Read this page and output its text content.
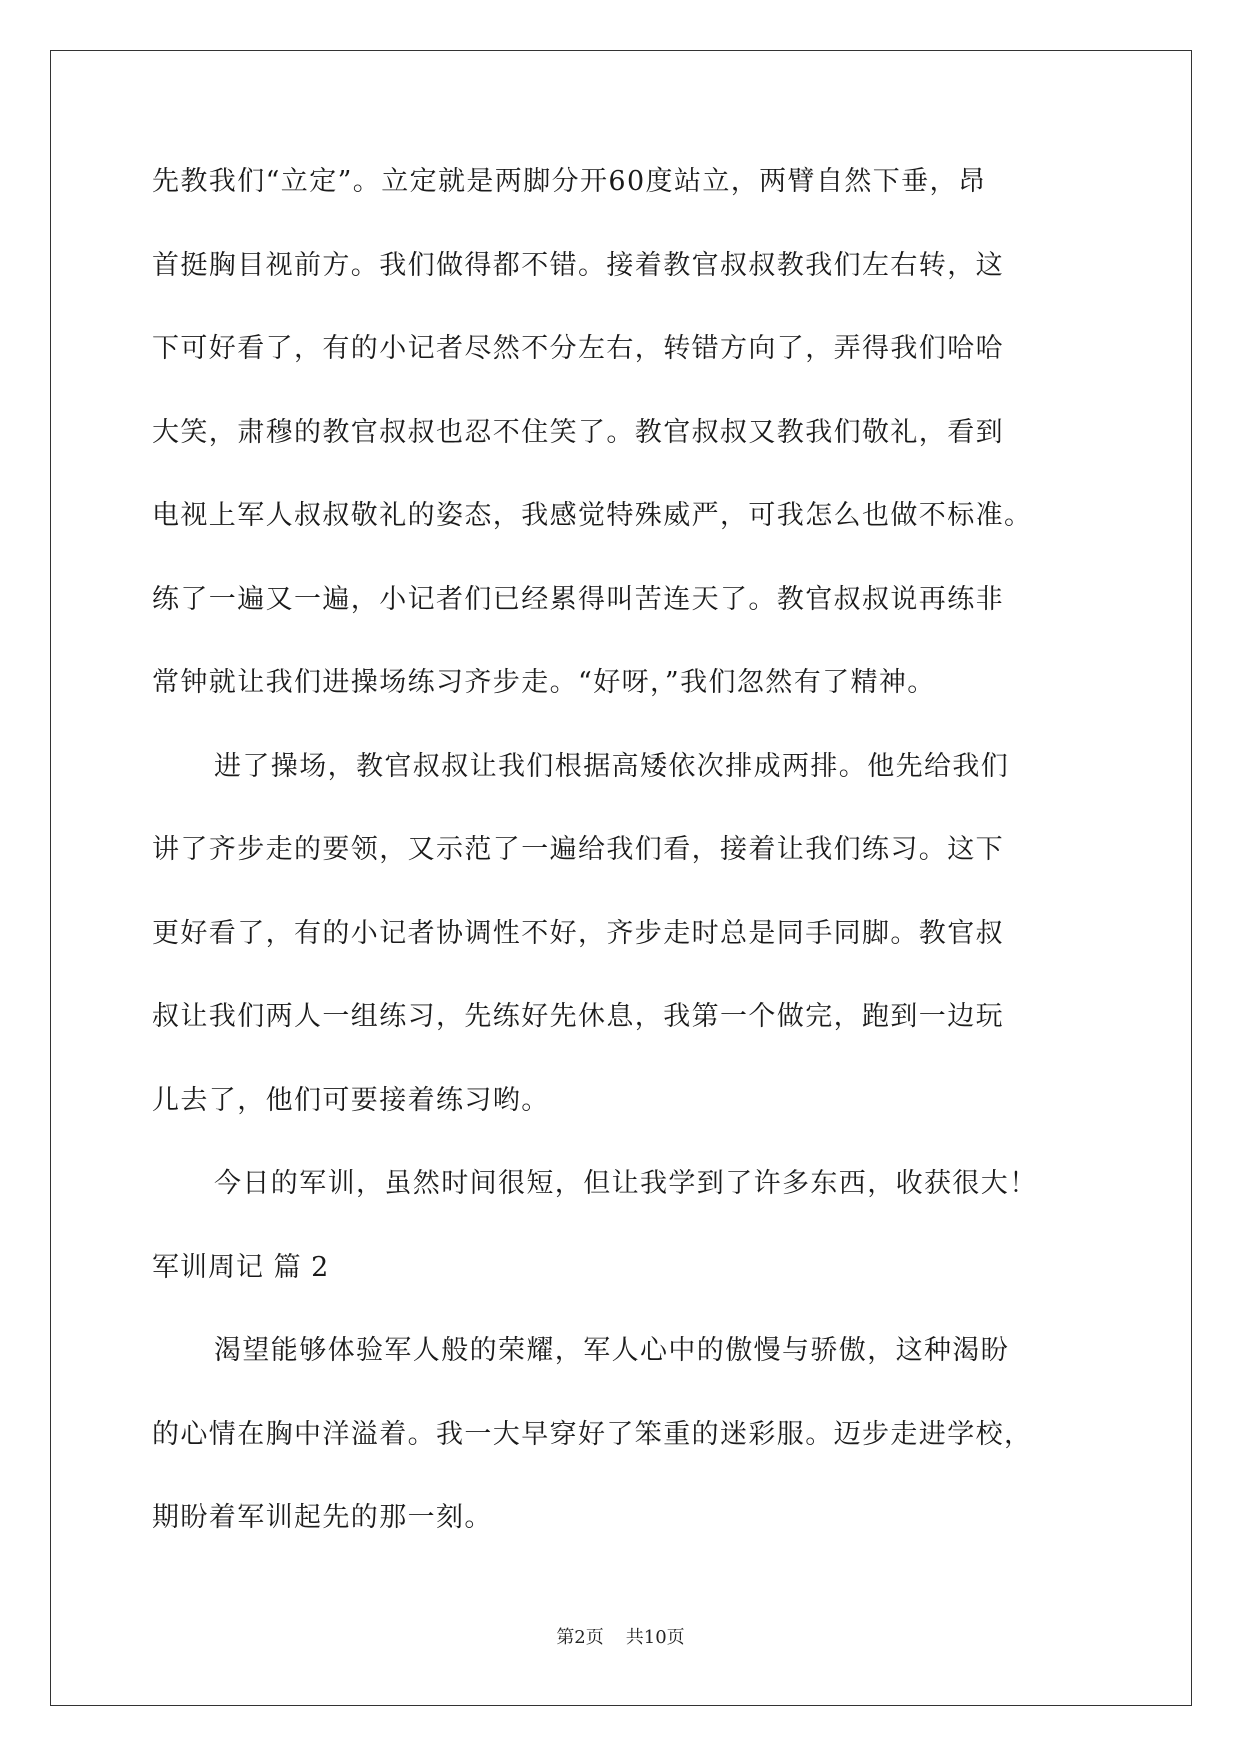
先教我们“立定”。立定就是两脚分开60度站立，两臂自然下垂，昂
首挺胸目视前方。我们做得都不错。接着教官叔叔教我们左右转，这
下可好看了，有的小记者尽然不分左右，转错方向了，弄得我们哈哈
大笑，肃穆的教官叔叔也忍不住笑了。教官叔叔又教我们敬礼，看到
电视上军人叔叔敬礼的姿态，我感觉特殊威严，可我怎么也做不标准。
练了一遍又一遍，小记者们已经累得叫苦连天了。教官叔叔说再练非
常钟就让我们进操场练习齐步走。“好呀，”我们忽然有了精神。
进了操场，教官叔叔让我们根据高矮依次排成两排。他先给我们
讲了齐步走的要领，又示范了一遍给我们看，接着让我们练习。这下
更好看了，有的小记者协调性不好，齐步走时总是同手同脚。教官叔
叔让我们两人一组练习，先练好先休息，我第一个做完，跑到一边玩
儿去了，他们可要接着练习哟。
今日的军训，虽然时间很短，但让我学到了许多东西，收获很大！
军训周记 篇 2
渴望能够体验军人般的荣耀，军人心中的傲慢与骄傲，这种渴盼
的心情在胸中洋溢着。我一大早穿好了笨重的迷彩服。迈步走进学校，
期盼着军训起先的那一刻。
第2页 共10页
